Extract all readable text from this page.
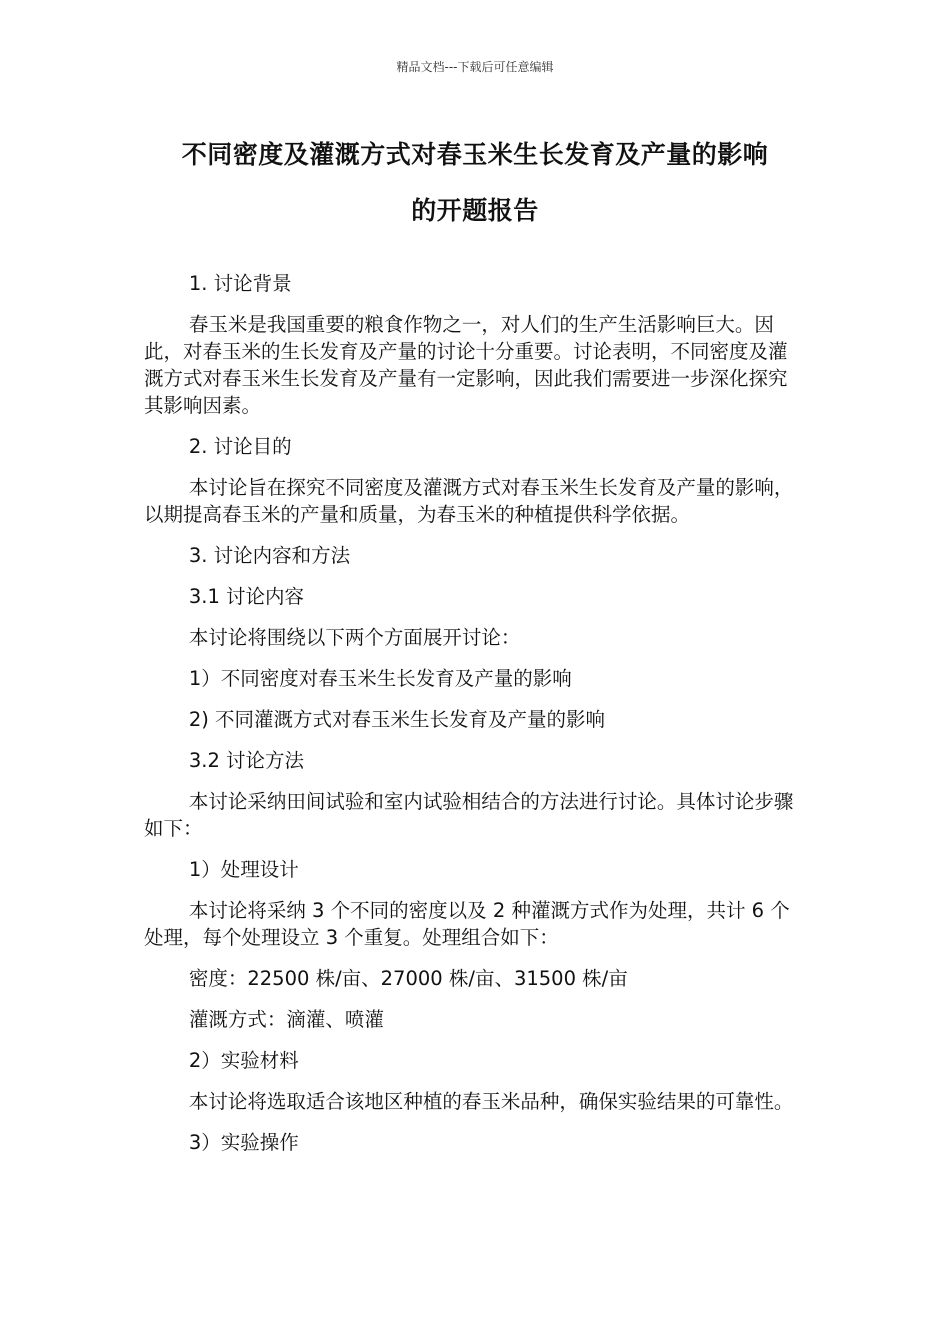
精品文档---下载后可任意编辑
不同密度及灌溉方式对春玉米生长发育及产量的影响
的开题报告

1. 讨论背景

春玉米是我国重要的粮食作物之一，对人们的生产生活影响巨大。因此，对春玉米的生长发育及产量的讨论十分重要。讨论表明，不同密度及灌溉方式对春玉米生长发育及产量有一定影响，因此我们需要进一步深化探究其影响因素。

2. 讨论目的

本讨论旨在探究不同密度及灌溉方式对春玉米生长发育及产量的影响，以期提高春玉米的产量和质量，为春玉米的种植提供科学依据。

3. 讨论内容和方法

3.1 讨论内容

本讨论将围绕以下两个方面展开讨论：

1）不同密度对春玉米生长发育及产量的影响

2) 不同灌溉方式对春玉米生长发育及产量的影响

3.2 讨论方法

本讨论采纳田间试验和室内试验相结合的方法进行讨论。具体讨论步骤如下：

1）处理设计

本讨论将采纳 3 个不同的密度以及 2 种灌溉方式作为处理，共计 6 个处理，每个处理设立 3 个重复。处理组合如下：

密度：22500 株/亩、27000 株/亩、31500 株/亩

灌溉方式：滴灌、喷灌

2）实验材料

本讨论将选取适合该地区种植的春玉米品种，确保实验结果的可靠性。

3）实验操作
